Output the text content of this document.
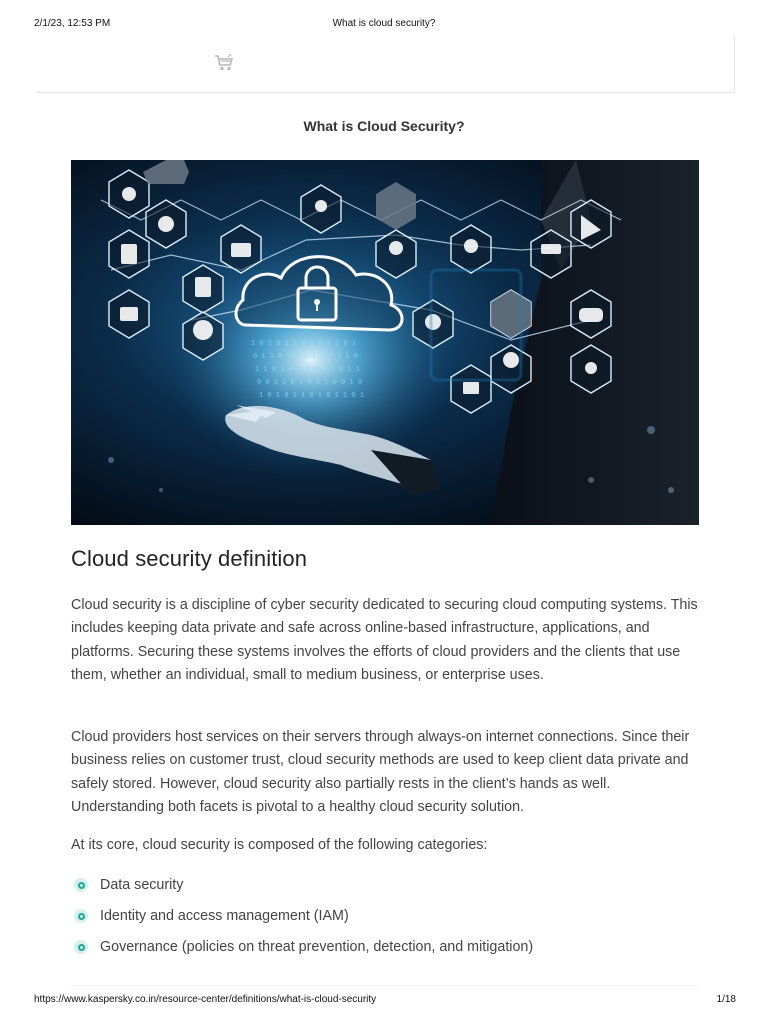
2/1/23, 12:53 PM	What is cloud security?
What is Cloud Security?
1 0 1 0 1 1 0 1 0 0 1 0 1
0 1 1 0 1 0 0 1 1 0 1 1 0
1 1 0 1 0 1 1 0 0 1 0 1 1
0 0 1 1 0 1 0 1 1 0 0 1 0
1 0 1 0 1 1 0 1 0 1 1 0 1
Cloud security definition

Cloud security is a discipline of cyber security dedicated to securing cloud computing systems. This includes keeping data private and safe across online-based infrastructure, applications, and platforms. Securing these systems involves the efforts of cloud providers and the clients that use them, whether an individual, small to medium business, or enterprise uses.

Cloud providers host services on their servers through always-on internet connections. Since their business relies on customer trust, cloud security methods are used to keep client data private and safely stored. However, cloud security also partially rests in the client’s hands as well. Understanding both facets is pivotal to a healthy cloud security solution.

At its core, cloud security is composed of the following categories:

Data security
Identity and access management (IAM)
Governance (policies on threat prevention, detection, and mitigation)
https://www.kaspersky.co.in/resource-center/definitions/what-is-cloud-security	1/18
